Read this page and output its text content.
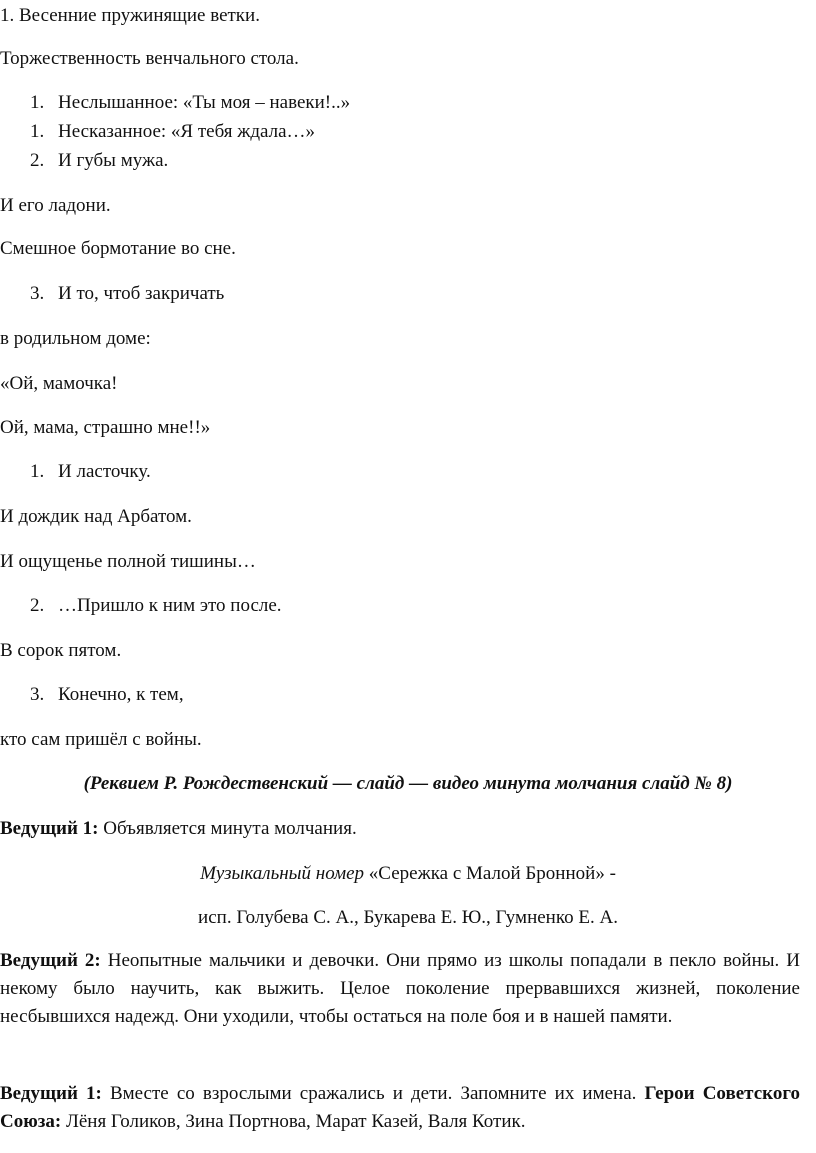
1. Весенние пружинящие ветки.
Торжественность венчального стола.
1. Неслышанное: «Ты моя – навеки!..»
1. Несказанное: «Я тебя ждала…»
2. И губы мужа.
И его ладони.
Смешное бормотание во сне.
3. И то, чтоб закричать
в родильном доме:
«Ой, мамочка!
Ой, мама, страшно мне!!»
1. И ласточку.
И дождик над Арбатом.
И ощущенье полной тишины…
2. …Пришло к ним это после.
В сорок пятом.
3. Конечно, к тем,
кто сам пришёл с войны.
(Реквием Р. Рождественский — слайд — видео минута молчания слайд № 8)
Ведущий 1: Объявляется минута молчания.
Музыкальный номер «Сережка с Малой Бронной» -
исп. Голубева С. А., Букарева Е. Ю., Гумненко Е. А.
Ведущий 2: Неопытные мальчики и девочки. Они прямо из школы попадали в пекло войны. И некому было научить, как выжить. Целое поколение прервавшихся жизней, поколение несбывшихся надежд. Они уходили, чтобы остаться на поле боя и в нашей памяти.
Ведущий 1: Вместе со взрослыми сражались и дети. Запомните их имена. Герои Советского Союза: Лёня Голиков, Зина Портнова, Марат Казей, Валя Котик.
